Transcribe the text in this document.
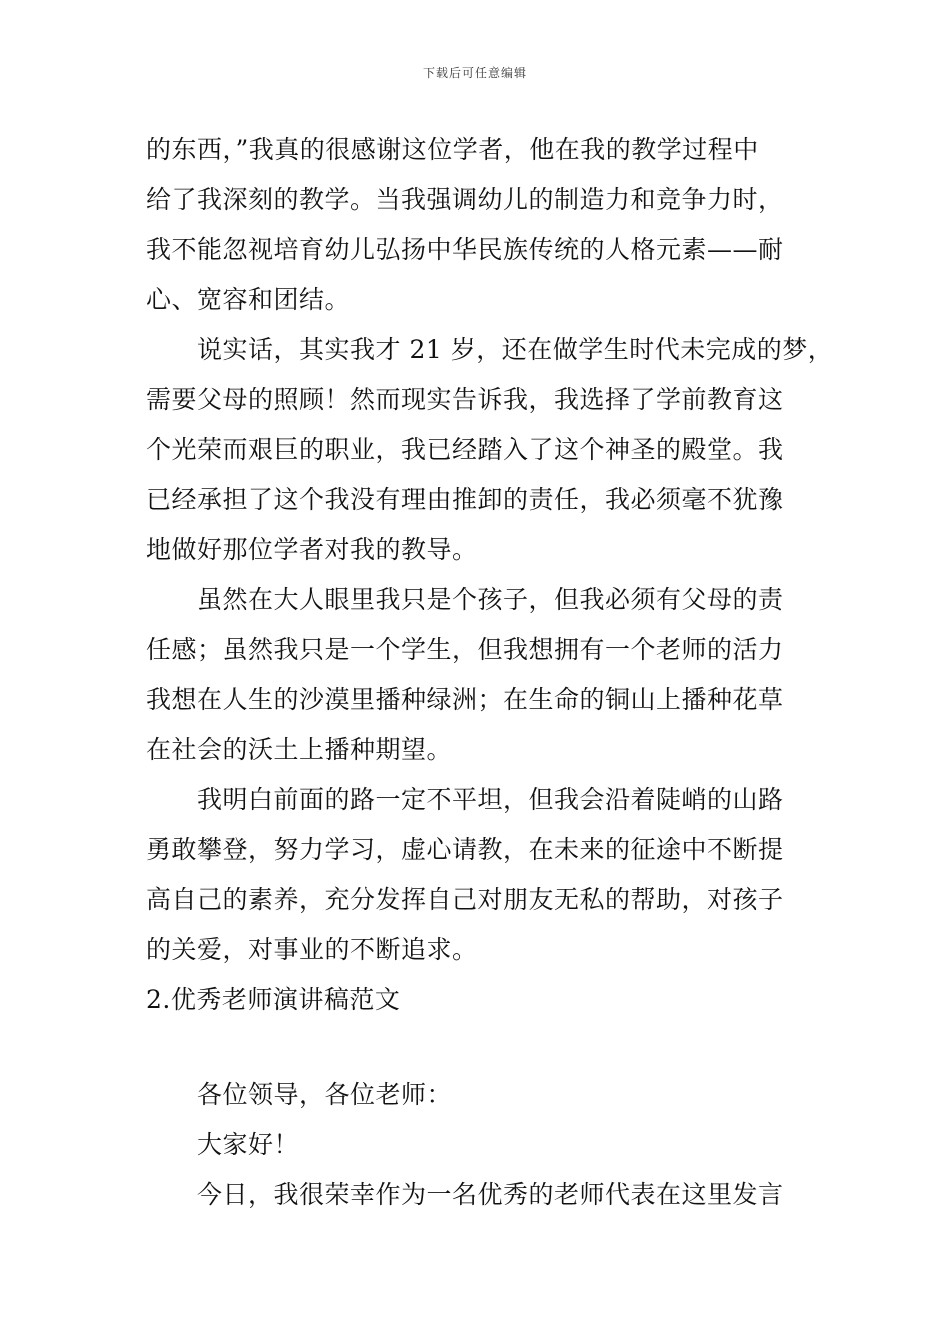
下载后可任意编辑
的东西，”我真的很感谢这位学者，他在我的教学过程中
给了我深刻的教学。当我强调幼儿的制造力和竞争力时，
我不能忽视培育幼儿弘扬中华民族传统的人格元素——耐
心、宽容和团结。
说实话，其实我才 21 岁，还在做学生时代未完成的梦，
需要父母的照顾！然而现实告诉我，我选择了学前教育这
个光荣而艰巨的职业，我已经踏入了这个神圣的殿堂。我
已经承担了这个我没有理由推卸的责任，我必须毫不犹豫
地做好那位学者对我的教导。
虽然在大人眼里我只是个孩子，但我必须有父母的责
任感；虽然我只是一个学生，但我想拥有一个老师的活力
我想在人生的沙漠里播种绿洲；在生命的铜山上播种花草
在社会的沃土上播种期望。
我明白前面的路一定不平坦，但我会沿着陡峭的山路
勇敢攀登，努力学习，虚心请教，在未来的征途中不断提
高自己的素养，充分发挥自己对朋友无私的帮助，对孩子
的关爱，对事业的不断追求。
2.优秀老师演讲稿范文
各位领导，各位老师：
大家好！
今日，我很荣幸作为一名优秀的老师代表在这里发言
